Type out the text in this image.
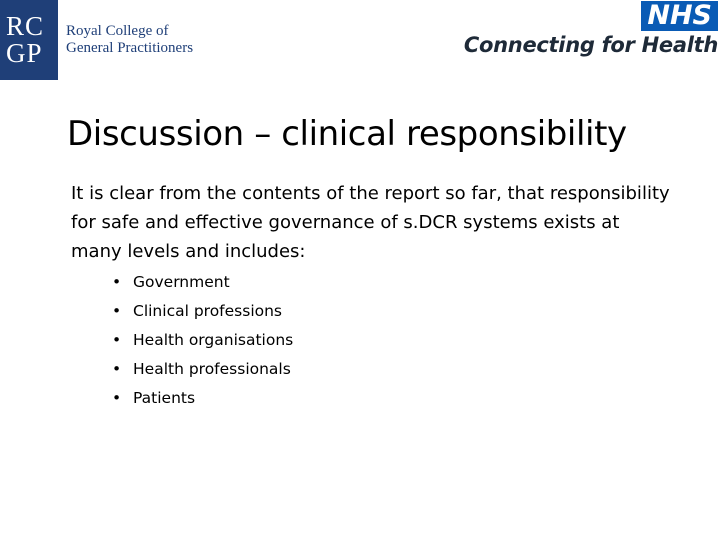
RC
GP
Royal College of
General Practitioners
NHS
Connecting for Health
Discussion – clinical responsibility
It is clear from the contents of the report so far, that responsibility for safe and effective governance of s.DCR systems exists at many levels and includes:
• Government
• Clinical professions
• Health organisations
• Health professionals
• Patients
